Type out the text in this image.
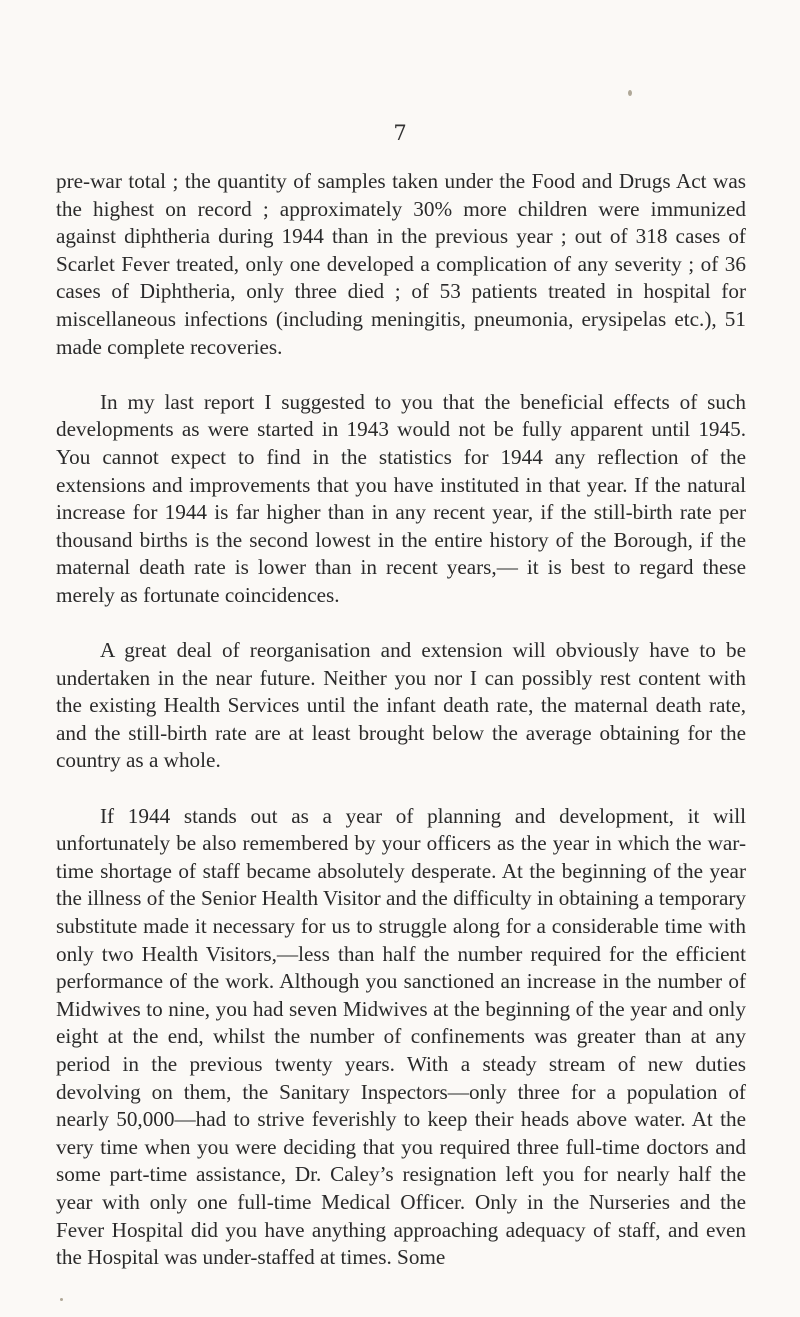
7

pre-war total ; the quantity of samples taken under the Food and Drugs Act was the highest on record ; approximately 30% more children were immunized against diphtheria during 1944 than in the previous year ; out of 318 cases of Scarlet Fever treated, only one developed a complication of any severity ; of 36 cases of Diphtheria, only three died ; of 53 patients treated in hospital for miscellaneous infections (including meningitis, pneumonia, erysipelas etc.), 51 made complete recoveries.

In my last report I suggested to you that the beneficial effects of such developments as were started in 1943 would not be fully apparent until 1945. You cannot expect to find in the statistics for 1944 any reflection of the extensions and improvements that you have instituted in that year. If the natural increase for 1944 is far higher than in any recent year, if the still-birth rate per thousand births is the second lowest in the entire history of the Borough, if the maternal death rate is lower than in recent years,— it is best to regard these merely as fortunate coincidences.

A great deal of reorganisation and extension will obviously have to be undertaken in the near future. Neither you nor I can possibly rest content with the existing Health Services until the infant death rate, the maternal death rate, and the still-birth rate are at least brought below the average obtaining for the country as a whole.

If 1944 stands out as a year of planning and development, it will unfortunately be also remembered by your officers as the year in which the war-time shortage of staff became absolutely desperate. At the beginning of the year the illness of the Senior Health Visitor and the difficulty in obtaining a temporary substitute made it necessary for us to struggle along for a considerable time with only two Health Visitors,—less than half the number required for the efficient performance of the work. Although you sanctioned an increase in the number of Midwives to nine, you had seven Midwives at the beginning of the year and only eight at the end, whilst the number of confinements was greater than at any period in the previous twenty years. With a steady stream of new duties devolving on them, the Sanitary Inspectors—only three for a population of nearly 50,000—had to strive feverishly to keep their heads above water. At the very time when you were deciding that you required three full-time doctors and some part-time assistance, Dr. Caley’s resignation left you for nearly half the year with only one full-time Medical Officer. Only in the Nurseries and the Fever Hospital did you have anything approaching adequacy of staff, and even the Hospital was under-staffed at times. Some
